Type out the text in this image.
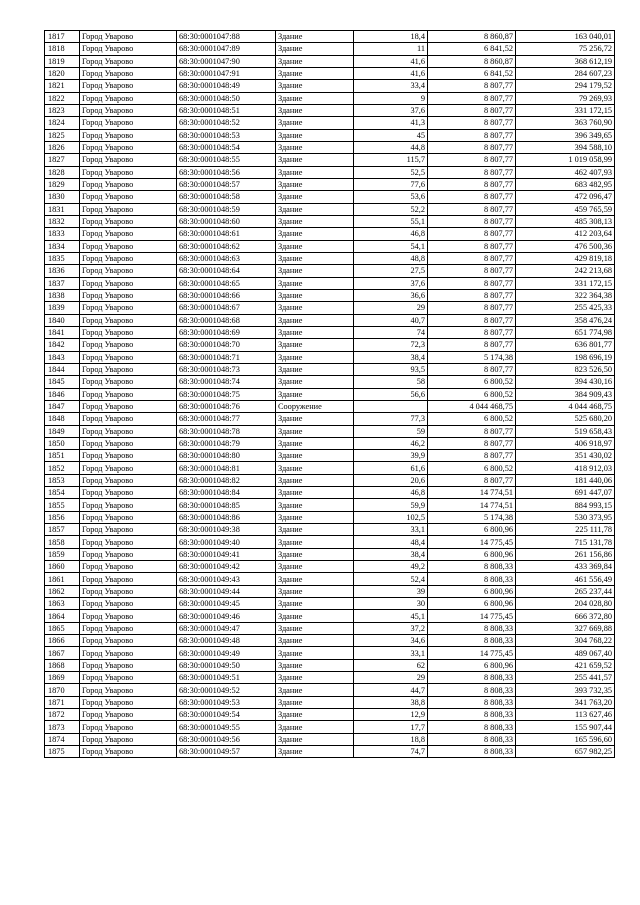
1817	Город Уварово	68:30:0001047:88	Здание	18,4	8 860,87	163 040,01
1818	Город Уварово	68:30:0001047:89	Здание	11	6 841,52	75 256,72
1819	Город Уварово	68:30:0001047:90	Здание	41,6	8 860,87	368 612,19
1820	Город Уварово	68:30:0001047:91	Здание	41,6	6 841,52	284 607,23
1821	Город Уварово	68:30:0001048:49	Здание	33,4	8 807,77	294 179,52
1822	Город Уварово	68:30:0001048:50	Здание	9	8 807,77	79 269,93
1823	Город Уварово	68:30:0001048:51	Здание	37,6	8 807,77	331 172,15
1824	Город Уварово	68:30:0001048:52	Здание	41,3	8 807,77	363 760,90
1825	Город Уварово	68:30:0001048:53	Здание	45	8 807,77	396 349,65
1826	Город Уварово	68:30:0001048:54	Здание	44,8	8 807,77	394 588,10
1827	Город Уварово	68:30:0001048:55	Здание	115,7	8 807,77	1 019 058,99
1828	Город Уварово	68:30:0001048:56	Здание	52,5	8 807,77	462 407,93
1829	Город Уварово	68:30:0001048:57	Здание	77,6	8 807,77	683 482,95
1830	Город Уварово	68:30:0001048:58	Здание	53,6	8 807,77	472 096,47
1831	Город Уварово	68:30:0001048:59	Здание	52,2	8 807,77	459 765,59
1832	Город Уварово	68:30:0001048:60	Здание	55,1	8 807,77	485 308,13
1833	Город Уварово	68:30:0001048:61	Здание	46,8	8 807,77	412 203,64
1834	Город Уварово	68:30:0001048:62	Здание	54,1	8 807,77	476 500,36
1835	Город Уварово	68:30:0001048:63	Здание	48,8	8 807,77	429 819,18
1836	Город Уварово	68:30:0001048:64	Здание	27,5	8 807,77	242 213,68
1837	Город Уварово	68:30:0001048:65	Здание	37,6	8 807,77	331 172,15
1838	Город Уварово	68:30:0001048:66	Здание	36,6	8 807,77	322 364,38
1839	Город Уварово	68:30:0001048:67	Здание	29	8 807,77	255 425,33
1840	Город Уварово	68:30:0001048:68	Здание	40,7	8 807,77	358 476,24
1841	Город Уварово	68:30:0001048:69	Здание	74	8 807,77	651 774,98
1842	Город Уварово	68:30:0001048:70	Здание	72,3	8 807,77	636 801,77
1843	Город Уварово	68:30:0001048:71	Здание	38,4	5 174,38	198 696,19
1844	Город Уварово	68:30:0001048:73	Здание	93,5	8 807,77	823 526,50
1845	Город Уварово	68:30:0001048:74	Здание	58	6 800,52	394 430,16
1846	Город Уварово	68:30:0001048:75	Здание	56,6	6 800,52	384 909,43
1847	Город Уварово	68:30:0001048:76	Сооружение		4 044 468,75	4 044 468,75
1848	Город Уварово	68:30:0001048:77	Здание	77,3	6 800,52	525 680,20
1849	Город Уварово	68:30:0001048:78	Здание	59	8 807,77	519 658,43
1850	Город Уварово	68:30:0001048:79	Здание	46,2	8 807,77	406 918,97
1851	Город Уварово	68:30:0001048:80	Здание	39,9	8 807,77	351 430,02
1852	Город Уварово	68:30:0001048:81	Здание	61,6	6 800,52	418 912,03
1853	Город Уварово	68:30:0001048:82	Здание	20,6	8 807,77	181 440,06
1854	Город Уварово	68:30:0001048:84	Здание	46,8	14 774,51	691 447,07
1855	Город Уварово	68:30:0001048:85	Здание	59,9	14 774,51	884 993,15
1856	Город Уварово	68:30:0001048:86	Здание	102,5	5 174,38	530 373,95
1857	Город Уварово	68:30:0001049:38	Здание	33,1	6 800,96	225 111,78
1858	Город Уварово	68:30:0001049:40	Здание	48,4	14 775,45	715 131,78
1859	Город Уварово	68:30:0001049:41	Здание	38,4	6 800,96	261 156,86
1860	Город Уварово	68:30:0001049:42	Здание	49,2	8 808,33	433 369,84
1861	Город Уварово	68:30:0001049:43	Здание	52,4	8 808,33	461 556,49
1862	Город Уварово	68:30:0001049:44	Здание	39	6 800,96	265 237,44
1863	Город Уварово	68:30:0001049:45	Здание	30	6 800,96	204 028,80
1864	Город Уварово	68:30:0001049:46	Здание	45,1	14 775,45	666 372,80
1865	Город Уварово	68:30:0001049:47	Здание	37,2	8 808,33	327 669,88
1866	Город Уварово	68:30:0001049:48	Здание	34,6	8 808,33	304 768,22
1867	Город Уварово	68:30:0001049:49	Здание	33,1	14 775,45	489 067,40
1868	Город Уварово	68:30:0001049:50	Здание	62	6 800,96	421 659,52
1869	Город Уварово	68:30:0001049:51	Здание	29	8 808,33	255 441,57
1870	Город Уварово	68:30:0001049:52	Здание	44,7	8 808,33	393 732,35
1871	Город Уварово	68:30:0001049:53	Здание	38,8	8 808,33	341 763,20
1872	Город Уварово	68:30:0001049:54	Здание	12,9	8 808,33	113 627,46
1873	Город Уварово	68:30:0001049:55	Здание	17,7	8 808,33	155 907,44
1874	Город Уварово	68:30:0001049:56	Здание	18,8	8 808,33	165 596,60
1875	Город Уварово	68:30:0001049:57	Здание	74,7	8 808,33	657 982,25
